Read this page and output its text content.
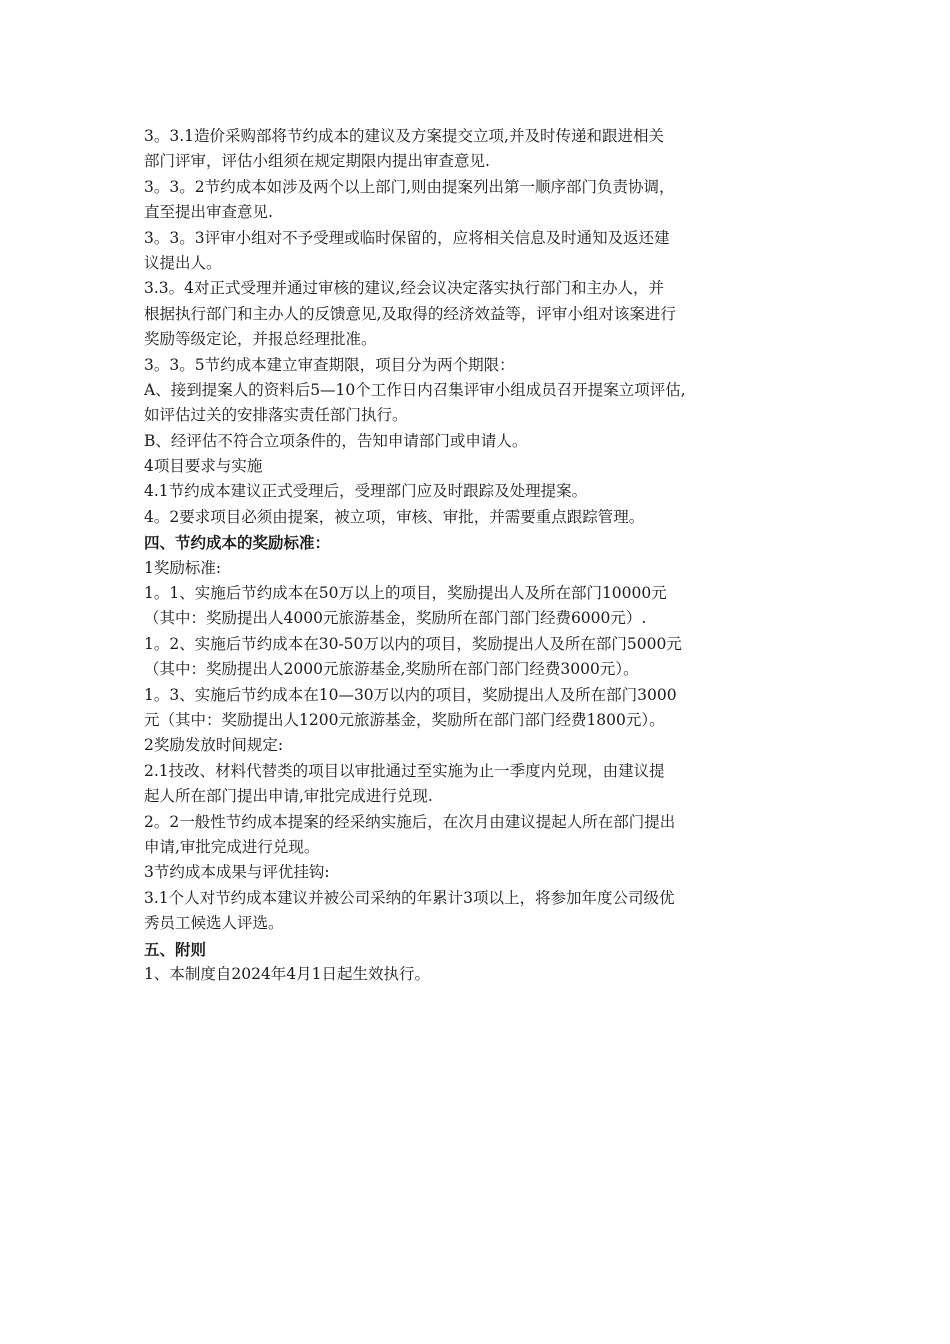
3。3.1造价采购部将节约成本的建议及方案提交立项,并及时传递和跟进相关
部门评审，评估小组须在规定期限内提出审查意见.
3。3。2节约成本如涉及两个以上部门,则由提案列出第一顺序部门负责协调，
直至提出审查意见.
3。3。3评审小组对不予受理或临时保留的，应将相关信息及时通知及返还建
议提出人。
3.3。4对正式受理并通过审核的建议,经会议决定落实执行部门和主办人，并
根据执行部门和主办人的反馈意见,及取得的经济效益等，评审小组对该案进行
奖励等级定论，并报总经理批准。
3。3。5节约成本建立审查期限，项目分为两个期限：
A、接到提案人的资料后5—10个工作日内召集评审小组成员召开提案立项评估,
如评估过关的安排落实责任部门执行。
B、经评估不符合立项条件的，告知申请部门或申请人。
4项目要求与实施
4.1节约成本建议正式受理后，受理部门应及时跟踪及处理提案。
4。2要求项目必须由提案，被立项，审核、审批，并需要重点跟踪管理。
四、节约成本的奖励标准：
1奖励标准:
1。1、实施后节约成本在50万以上的项目，奖励提出人及所在部门10000元
（其中：奖励提出人4000元旅游基金，奖励所在部门部门经费6000元）.
1。2、实施后节约成本在30-50万以内的项目，奖励提出人及所在部门5000元
（其中：奖励提出人2000元旅游基金,奖励所在部门部门经费3000元）。
1。3、实施后节约成本在10—30万以内的项目，奖励提出人及所在部门3000
元（其中：奖励提出人1200元旅游基金，奖励所在部门部门经费1800元）。
2奖励发放时间规定:
2.1技改、材料代替类的项目以审批通过至实施为止一季度内兑现，由建议提
起人所在部门提出申请,审批完成进行兑现.
2。2一般性节约成本提案的经采纳实施后，在次月由建议提起人所在部门提出
申请,审批完成进行兑现。
3节约成本成果与评优挂钩:
3.1个人对节约成本建议并被公司采纳的年累计3项以上，将参加年度公司级优
秀员工候选人评选。
五、附则
1、本制度自2024年4月1日起生效执行。
